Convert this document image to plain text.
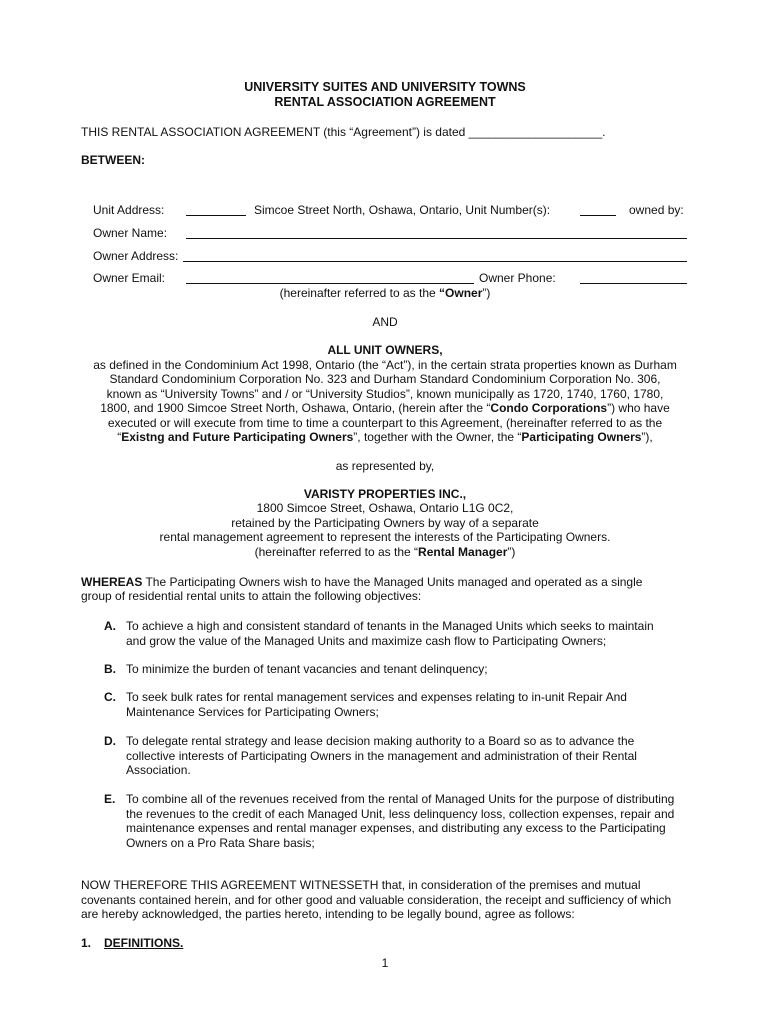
UNIVERSITY SUITES AND UNIVERSITY TOWNS
RENTAL ASSOCIATION AGREEMENT
THIS RENTAL ASSOCIATION AGREEMENT (this “Agreement”) is dated ____________________.
BETWEEN:
Unit Address:	Simcoe Street North, Oshawa, Ontario, Unit Number(s):	owned by:
Owner Name:
Owner Address:
Owner Email:	Owner Phone:
(hereinafter referred to as the “Owner”)
AND
ALL UNIT OWNERS,
as defined in the Condominium Act 1998, Ontario (the “Act”), in the certain strata properties known as Durham
Standard Condominium Corporation No. 323 and Durham Standard Condominium Corporation No. 306,
known as “University Towns” and / or “University Studios”, known municipally as 1720, 1740, 1760, 1780,
1800, and 1900 Simcoe Street North, Oshawa, Ontario, (herein after the “Condo Corporations”) who have
executed or will execute from time to time a counterpart to this Agreement, (hereinafter referred to as the
“Existng and Future Participating Owners”, together with the Owner, the “Participating Owners”),
as represented by,
VARISTY PROPERTIES INC.,
1800 Simcoe Street, Oshawa, Ontario L1G 0C2,
retained by the Participating Owners by way of a separate
rental management agreement to represent the interests of the Participating Owners.
(hereinafter referred to as the “Rental Manager”)
WHEREAS The Participating Owners wish to have the Managed Units managed and operated as a single
group of residential rental units to attain the following objectives:
A. To achieve a high and consistent standard of tenants in the Managed Units which seeks to maintain
and grow the value of the Managed Units and maximize cash flow to Participating Owners;
B. To minimize the burden of tenant vacancies and tenant delinquency;
C. To seek bulk rates for rental management services and expenses relating to in-unit Repair And
Maintenance Services for Participating Owners;
D. To delegate rental strategy and lease decision making authority to a Board so as to advance the
collective interests of Participating Owners in the management and administration of their Rental
Association.
E. To combine all of the revenues received from the rental of Managed Units for the purpose of distributing
the revenues to the credit of each Managed Unit, less delinquency loss, collection expenses, repair and
maintenance expenses and rental manager expenses, and distributing any excess to the Participating
Owners on a Pro Rata Share basis;
NOW THEREFORE THIS AGREEMENT WITNESSETH that, in consideration of the premises and mutual
covenants contained herein, and for other good and valuable consideration, the receipt and sufficiency of which
are hereby acknowledged, the parties hereto, intending to be legally bound, agree as follows:
1. DEFINITIONS.
1
